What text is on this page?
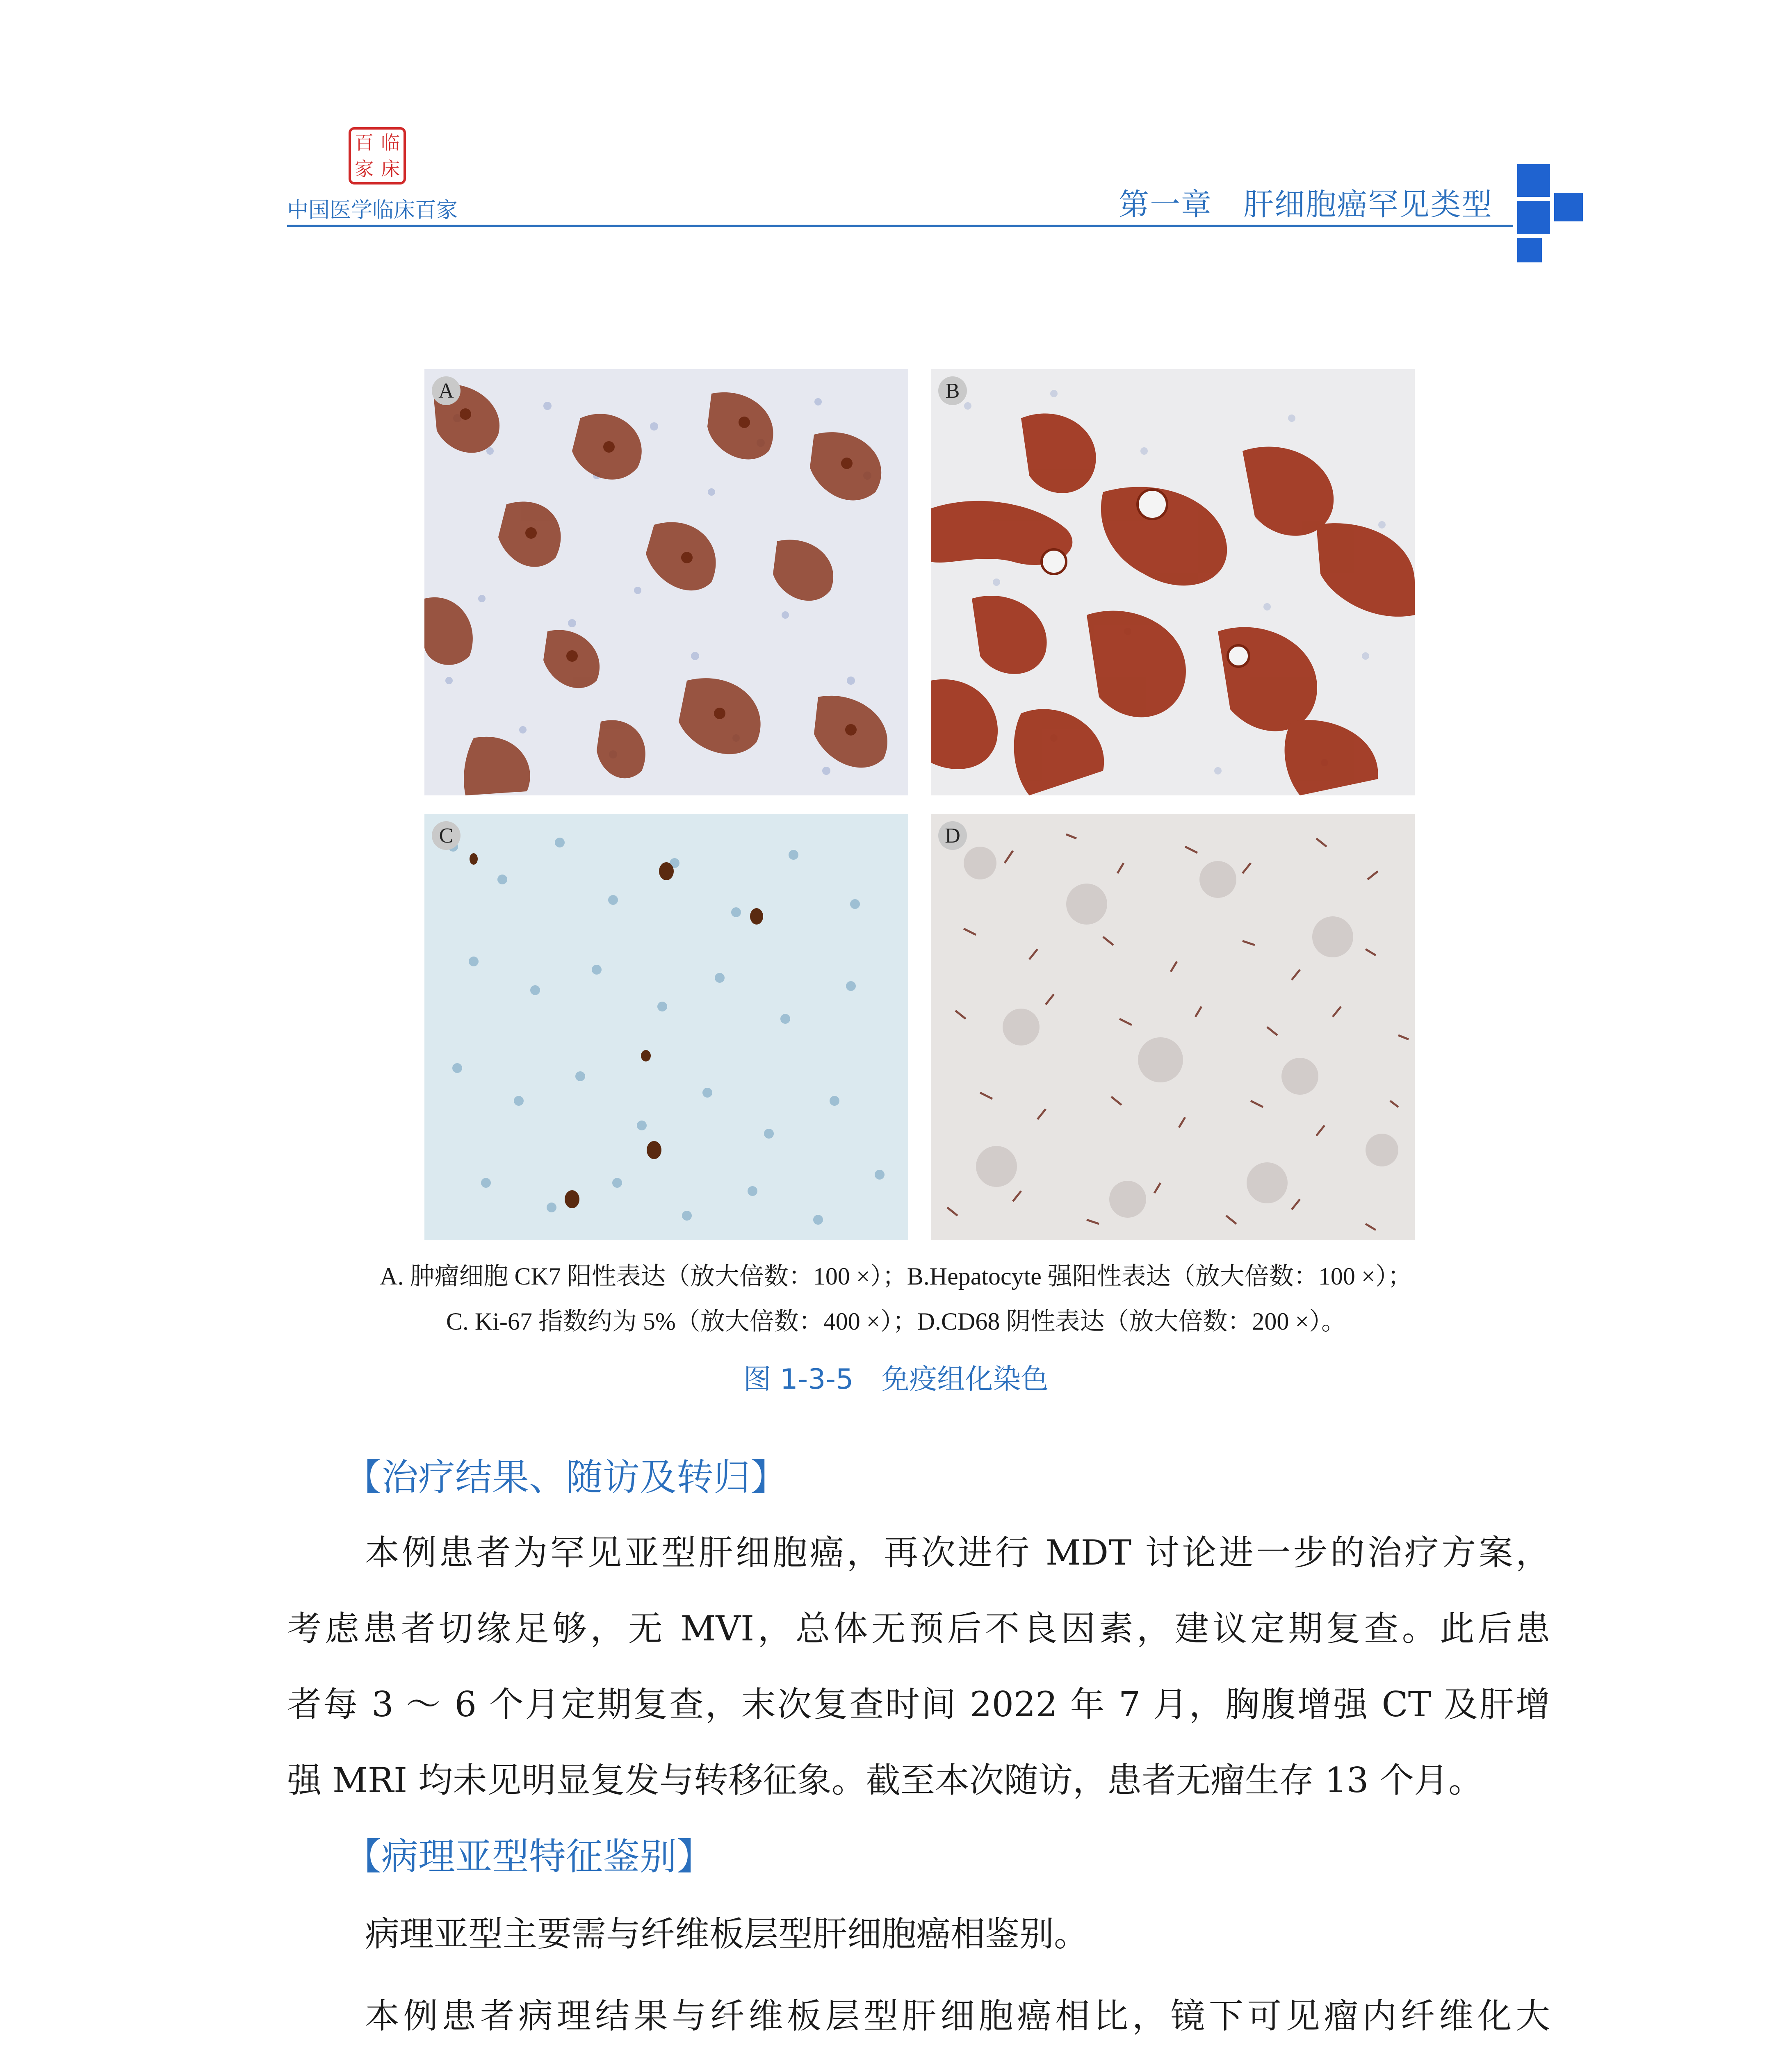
百 临
家 床
中国医学临床百家	第一章　肝细胞癌罕见类型
A	B
C	D
A. 肿瘤细胞 CK7 阳性表达（放大倍数：100 ×）；B.Hepatocyte 强阳性表达（放大倍数：100 ×）；
C. Ki-67 指数约为 5%（放大倍数：400 ×）；D.CD68 阴性表达（放大倍数：200 ×）。
图 1-3-5　免疫组化染色
【治疗结果、随访及转归】
本例患者为罕见亚型肝细胞癌，再次进行 MDT 讨论进一步的治疗方案，
考虑患者切缘足够，无 MVI，总体无预后不良因素，建议定期复查。此后患
者每 3 ～ 6 个月定期复查，末次复查时间 2022 年 7 月，胸腹增强 CT 及肝增
强 MRI 均未见明显复发与转移征象。截至本次随访，患者无瘤生存 13 个月。
【病理亚型特征鉴别】
病理亚型主要需与纤维板层型肝细胞癌相鉴别。
本例患者病理结果与纤维板层型肝细胞癌相比，镜下可见瘤内纤维化大
